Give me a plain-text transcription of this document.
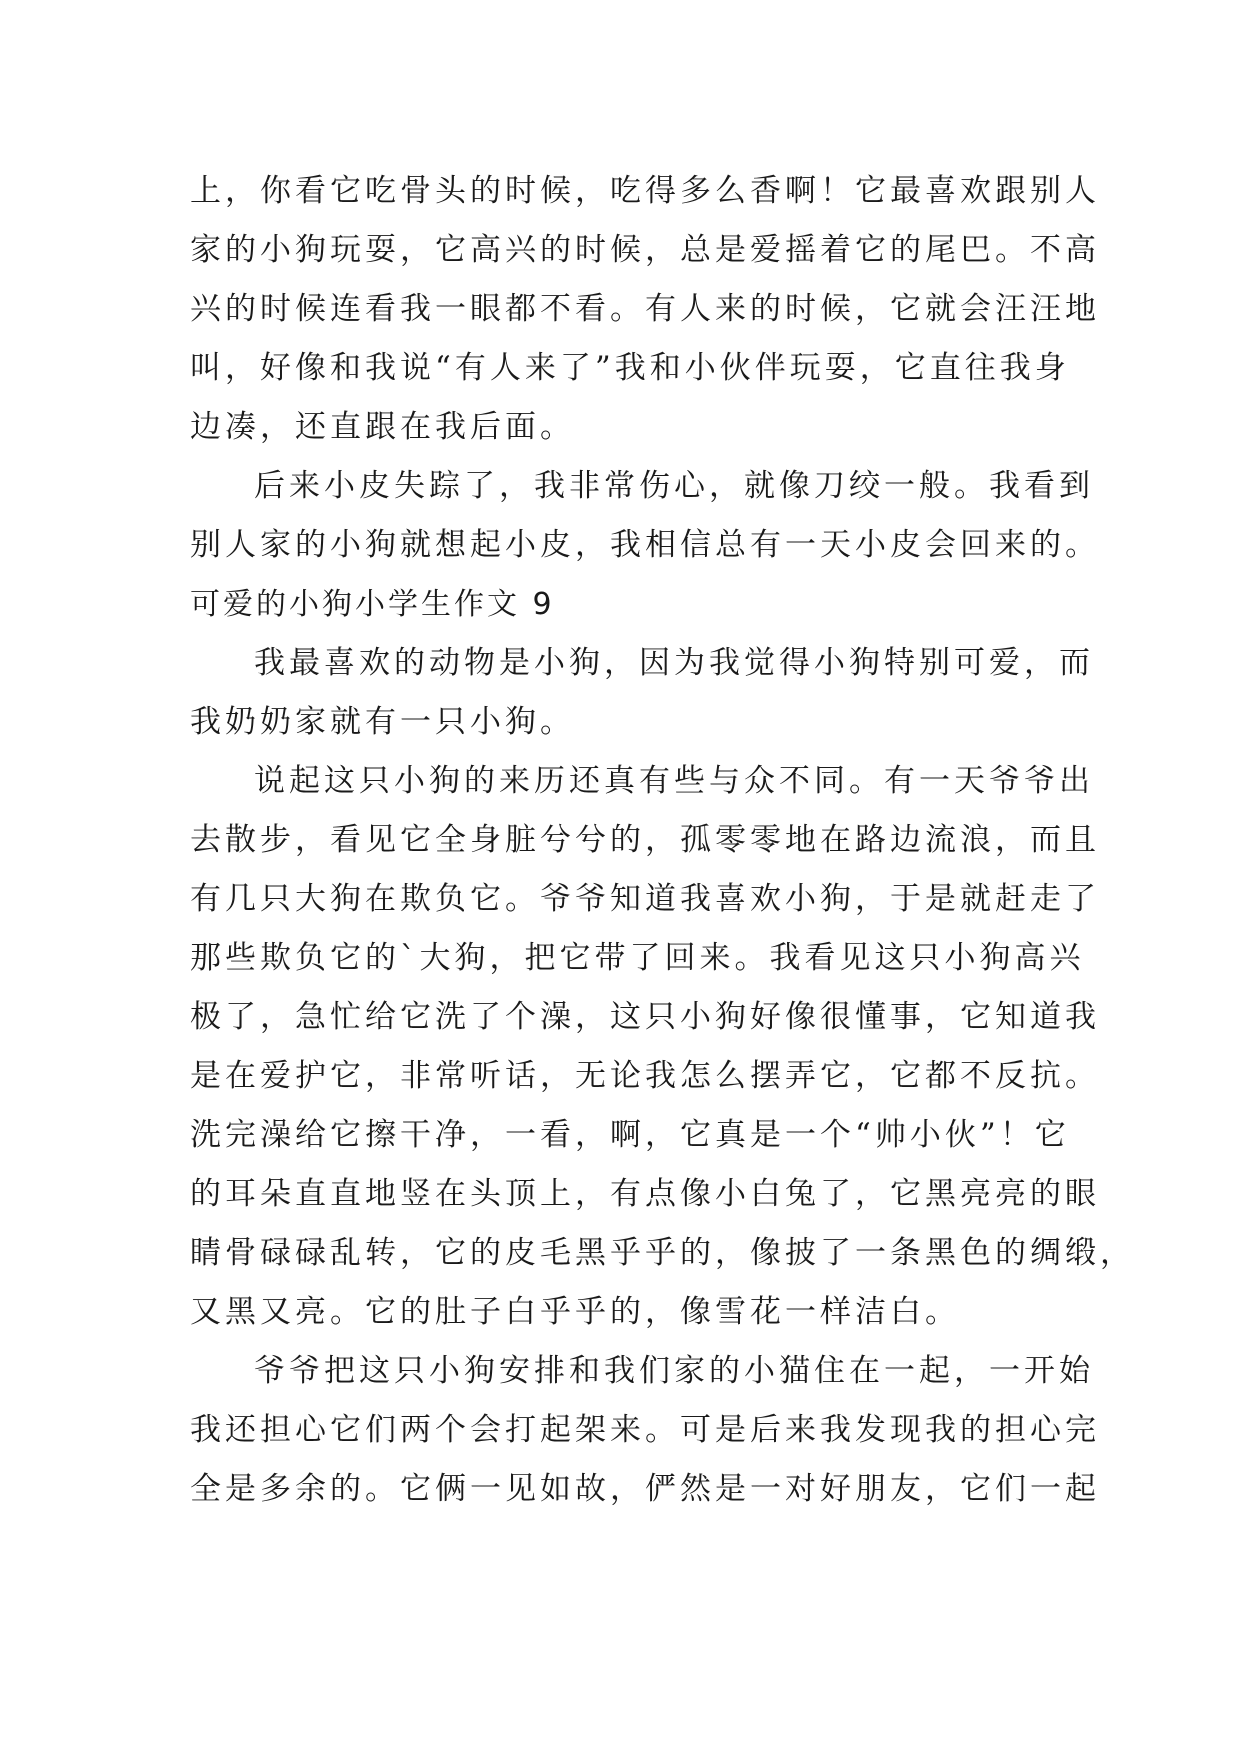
上，你看它吃骨头的时候，吃得多么香啊！它最喜欢跟别人

家的小狗玩耍，它高兴的时候，总是爱摇着它的尾巴。不高

兴的时候连看我一眼都不看。有人来的时候，它就会汪汪地

叫，好像和我说“有人来了”我和小伙伴玩耍，它直往我身

边凑，还直跟在我后面。

后来小皮失踪了，我非常伤心，就像刀绞一般。我看到

别人家的小狗就想起小皮，我相信总有一天小皮会回来的。

可爱的小狗小学生作文 9

我最喜欢的动物是小狗，因为我觉得小狗特别可爱，而

我奶奶家就有一只小狗。

说起这只小狗的来历还真有些与众不同。有一天爷爷出

去散步，看见它全身脏兮兮的，孤零零地在路边流浪，而且

有几只大狗在欺负它。爷爷知道我喜欢小狗，于是就赶走了

那些欺负它的`大狗，把它带了回来。我看见这只小狗高兴

极了，急忙给它洗了个澡，这只小狗好像很懂事，它知道我

是在爱护它，非常听话，无论我怎么摆弄它，它都不反抗。

洗完澡给它擦干净，一看，啊，它真是一个“帅小伙”！它

的耳朵直直地竖在头顶上，有点像小白兔了，它黑亮亮的眼

睛骨碌碌乱转，它的皮毛黑乎乎的，像披了一条黑色的绸缎，

又黑又亮。它的肚子白乎乎的，像雪花一样洁白。

爷爷把这只小狗安排和我们家的小猫住在一起，一开始

我还担心它们两个会打起架来。可是后来我发现我的担心完

全是多余的。它俩一见如故，俨然是一对好朋友，它们一起
